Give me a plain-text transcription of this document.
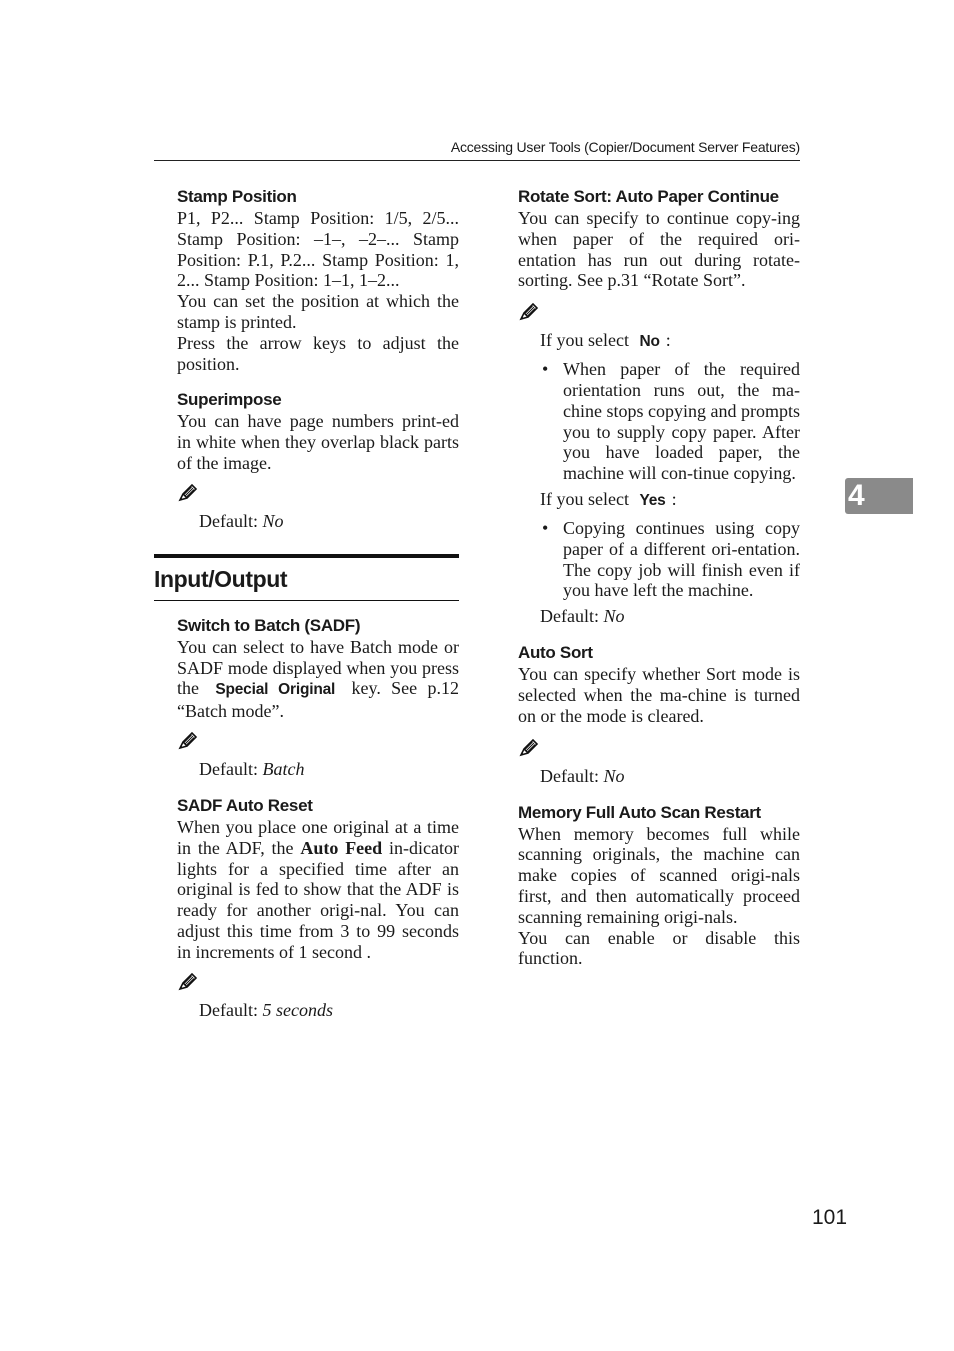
Accessing User Tools (Copier/Document Server Features)
4
Stamp Position

P1, P2... Stamp Position: 1/5, 2/5... Stamp Position: –1–, –2–... Stamp Position: P.1, P.2... Stamp Position: 1, 2... Stamp Position: 1–1, 1–2...

You can set the position at which the stamp is printed.

Press the arrow keys to adjust the position.

Superimpose

You can have page numbers print-ed in white when they overlap black parts of the image.

Default: No

Input/Output
Switch to Batch (SADF)

You can select to have Batch mode or SADF mode displayed when you press the Special Original key. See p.12 “Batch mode”.

Default: Batch

SADF Auto Reset

When you place one original at a time in the ADF, the Auto Feed in-dicator lights for a specified time after an original is fed to show that the ADF is ready for another origi-nal. You can adjust this time from 3 to 99 seconds in increments of 1 second .

Default: 5 seconds

Rotate Sort: Auto Paper Continue

You can specify to continue copy-ing when paper of the required ori-entation has run out during rotate-sorting. See p.31 “Rotate Sort”.

If you select No :

• When paper of the required orientation runs out, the ma-chine stops copying and prompts you to supply copy paper. After you have loaded paper, the machine will con-tinue copying.

If you select Yes :

• Copying continues using copy paper of a different ori-entation. The copy job will finish even if you have left the machine.

Default: No

Auto Sort

You can specify whether Sort mode is selected when the ma-chine is turned on or the mode is cleared.

Default: No

Memory Full Auto Scan Restart

When memory becomes full while scanning originals, the machine can make copies of scanned origi-nals first, and then automatically proceed scanning remaining origi-nals.

You can enable or disable this function.

101
